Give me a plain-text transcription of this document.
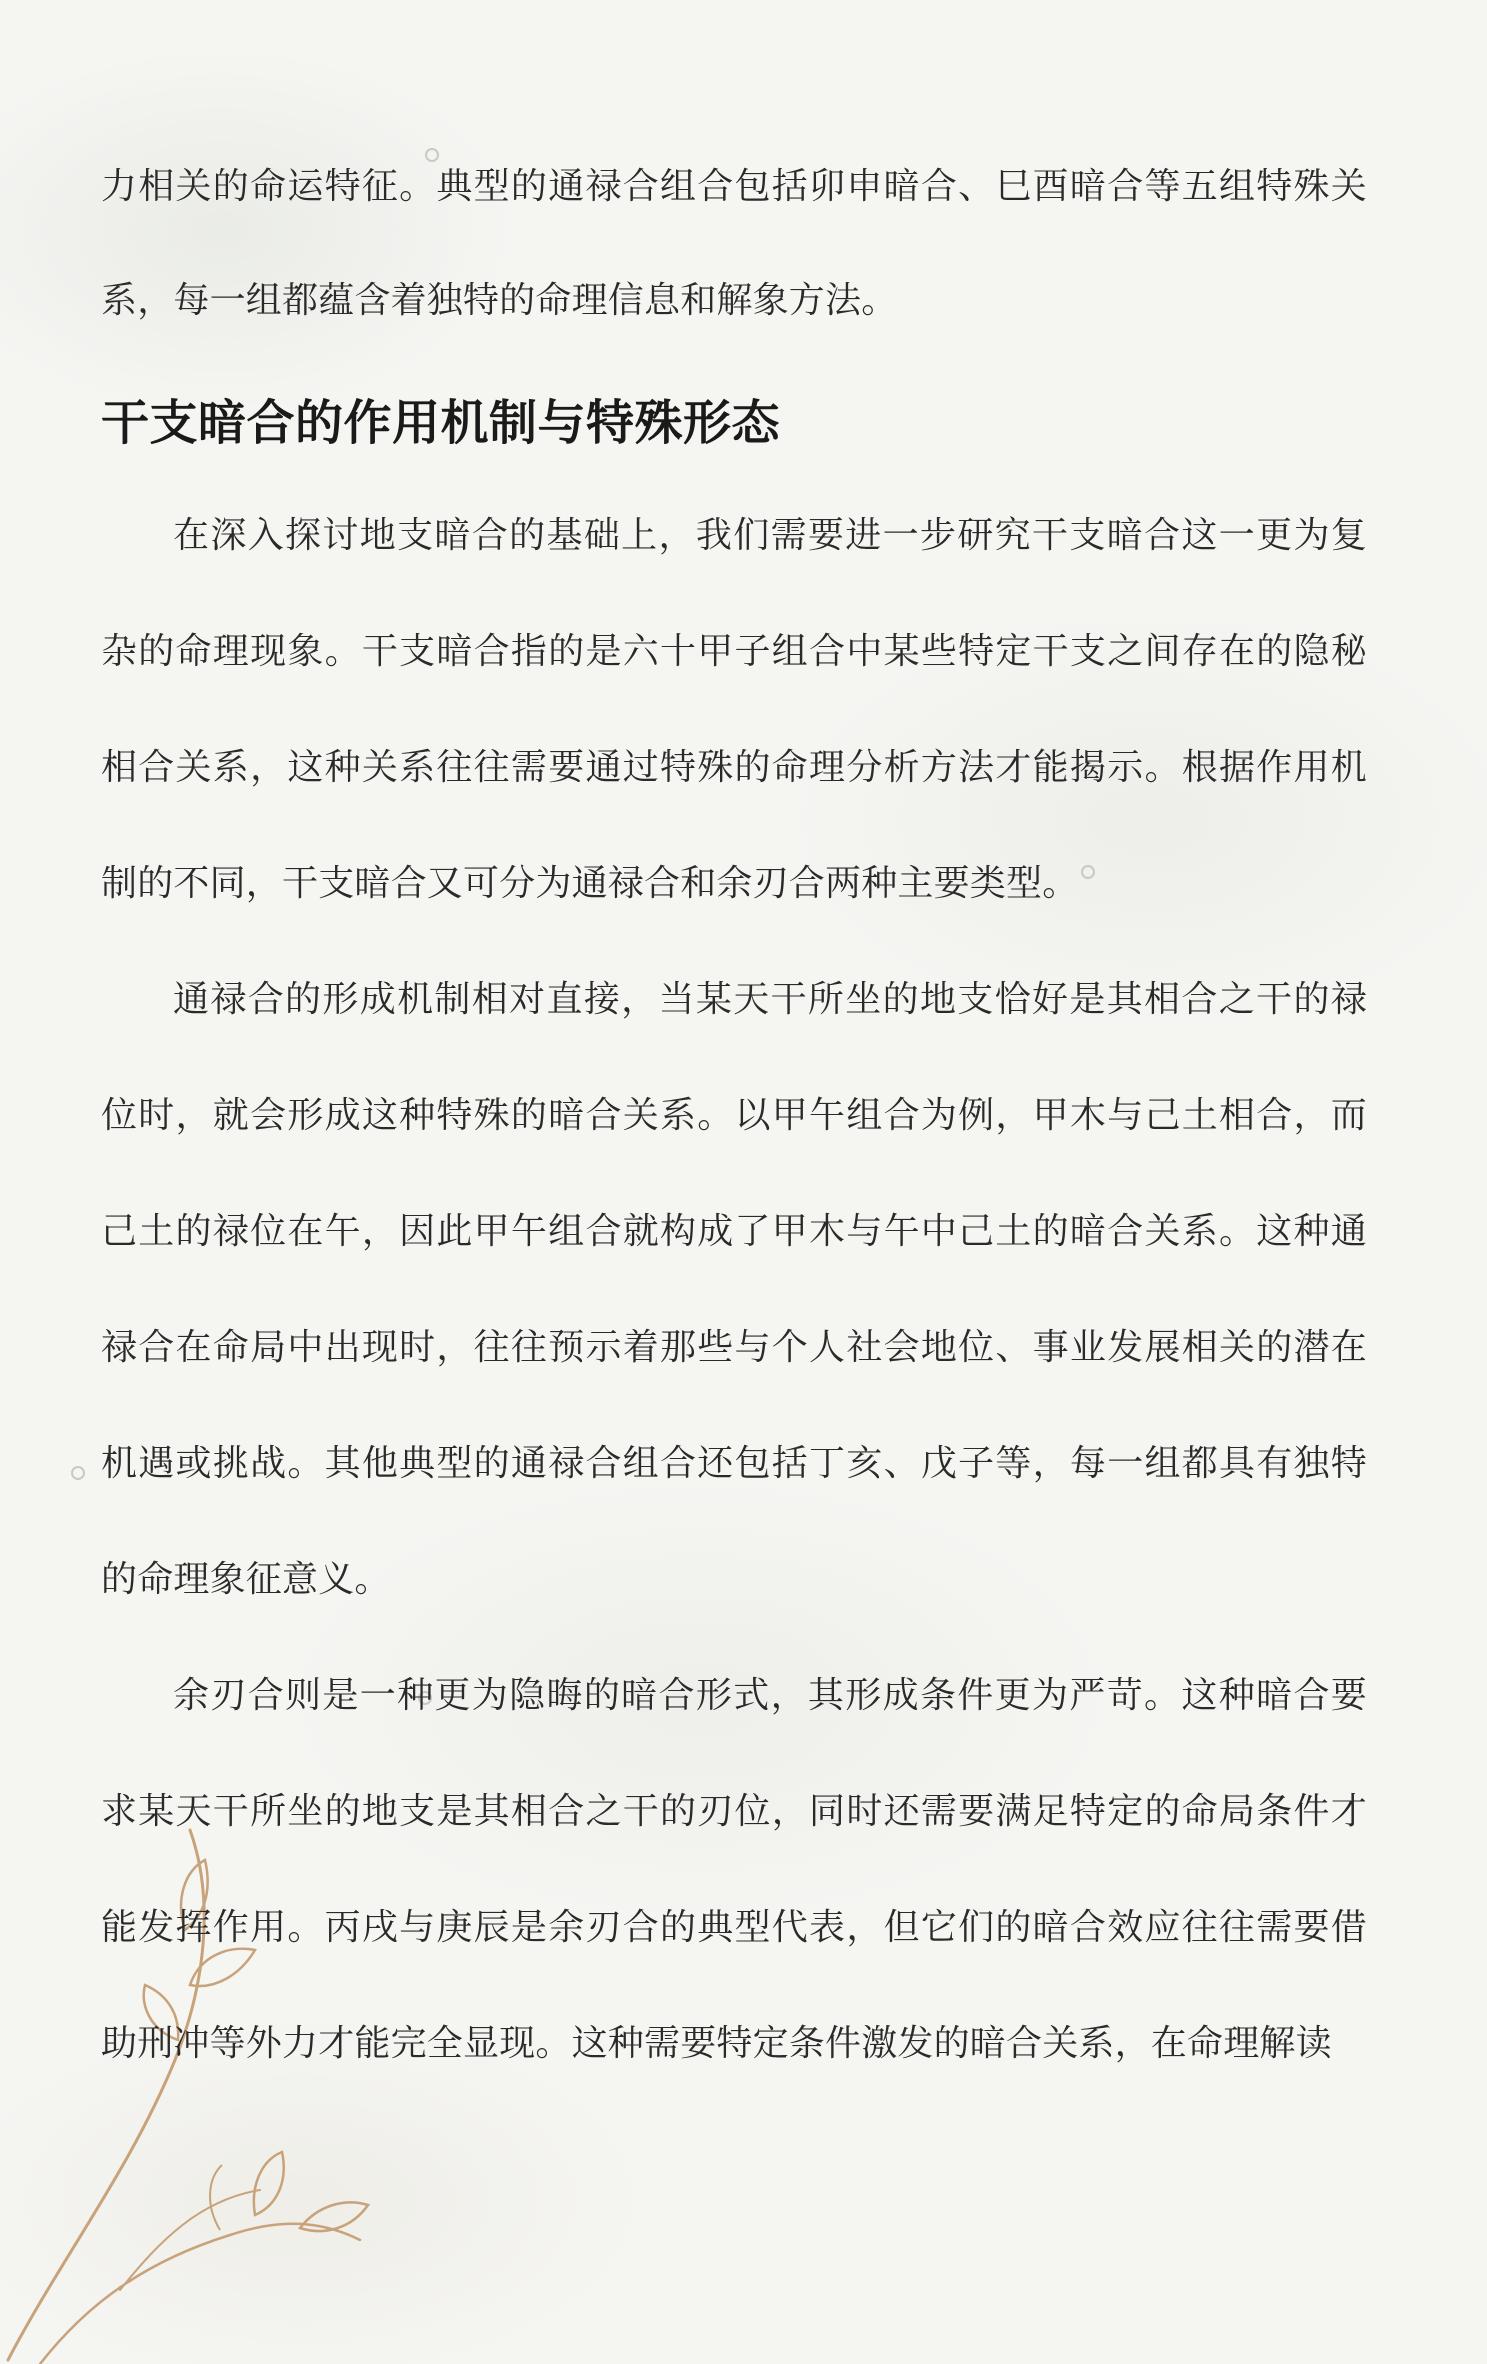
力相关的命运特征。典型的通禄合组合包括卯申暗合、巳酉暗合等五组特殊关系，每一组都蕴含着独特的命理信息和解象方法。

干支暗合的作用机制与特殊形态

在深入探讨地支暗合的基础上，我们需要进一步研究干支暗合这一更为复杂的命理现象。干支暗合指的是六十甲子组合中某些特定干支之间存在的隐秘相合关系，这种关系往往需要通过特殊的命理分析方法才能揭示。根据作用机制的不同，干支暗合又可分为通禄合和余刃合两种主要类型。

通禄合的形成机制相对直接，当某天干所坐的地支恰好是其相合之干的禄位时，就会形成这种特殊的暗合关系。以甲午组合为例，甲木与己土相合，而己土的禄位在午，因此甲午组合就构成了甲木与午中己土的暗合关系。这种通禄合在命局中出现时，往往预示着那些与个人社会地位、事业发展相关的潜在机遇或挑战。其他典型的通禄合组合还包括丁亥、戊子等，每一组都具有独特的命理象征意义。

余刃合则是一种更为隐晦的暗合形式，其形成条件更为严苛。这种暗合要求某天干所坐的地支是其相合之干的刃位，同时还需要满足特定的命局条件才能发挥作用。丙戌与庚辰是余刃合的典型代表，但它们的暗合效应往往需要借助刑冲等外力才能完全显现。这种需要特定条件激发的暗合关系，在命理解读
